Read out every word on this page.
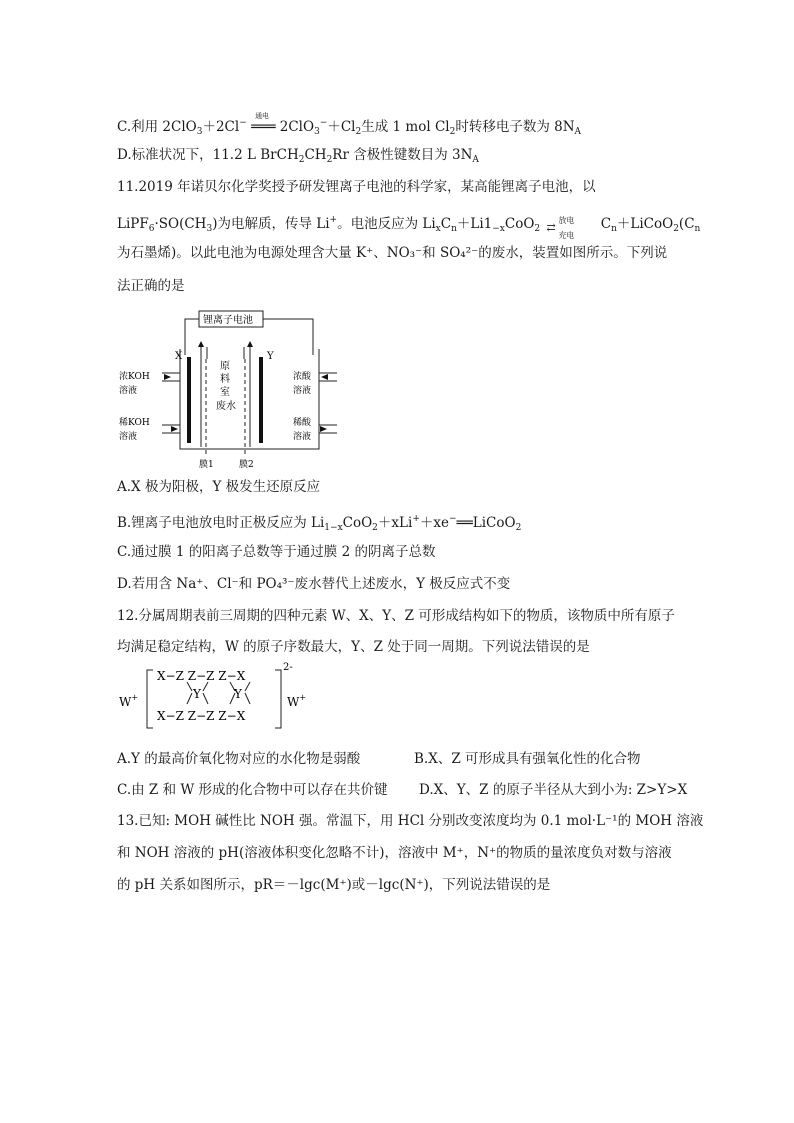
C.利用 2ClO$_3$＋2Cl−
通电
═══ $2ClO_3^-+Cl_2$生成 1 mol $Cl_2$时转移电子数为 $8N_A$
D.标准状况下，11.2 L $BrCH_2CH_2Rr$ 含极性键数目为 $3N_A$
11.2019 年诺贝尔化学奖授予研发锂离子电池的科学家，某高能锂离子电池，以
$LiPF_6\cdot SO(CH_3)$为电解质，传导 Li+。电池反应为 $Li_xC_n+Li1_{-x}CoO_2$
放电
⇄
充电
$C_n+LiCoO_2(C_n$
为石墨烯)。以此电池为电源处理含大量 K⁺、NO₃⁻和 SO₄²⁻的废水，装置如图所示。下列说
法正确的是
锂离子电池
X	Y
浓KOH
溶液
稀KOH
溶液
浓酸
溶液
稀酸
溶液
原
料
室
废水
膜1	膜2
A.X 极为阳极，Y 极发生还原反应
B.锂离子电池放电时正极反应为 $Li_{1-x}CoO_2+xLi^++xe^-══LiCoO_2$
C.通过膜 1 的阳离子总数等于通过膜 2 的阴离子总数
D.若用含 Na⁺、Cl⁻和 PO₄³⁻废水替代上述废水，Y 极反应式不变
12.分属周期表前三周期的四种元素 W、X、Y、Z 可形成结构如下的物质，该物质中所有原子
均满足稳定结构，W 的原子序数最大，Y、Z 处于同一周期。下列说法错误的是
W+
X−Z Z−Z Z−X
Y	Y
X−Z Z−Z Z−X
2-
W+
A.Y 的最高价氧化物对应的水化物是弱酸	B.X、Z 可形成具有强氧化性的化合物
C.由 Z 和 W 形成的化合物中可以存在共价键 D.X、Y、Z 的原子半径从大到小为: Z>Y>X
13.已知: MOH 碱性比 NOH 强。常温下，用 HCl 分别改变浓度均为 0.1 mol·L⁻¹的 MOH 溶液
和 NOH 溶液的 pH(溶液体积变化忽略不计)，溶液中 M⁺，N⁺的物质的量浓度负对数与溶液
的 pH 关系如图所示，pR＝－lgc(M⁺)或－lgc(N⁺)，下列说法错误的是
